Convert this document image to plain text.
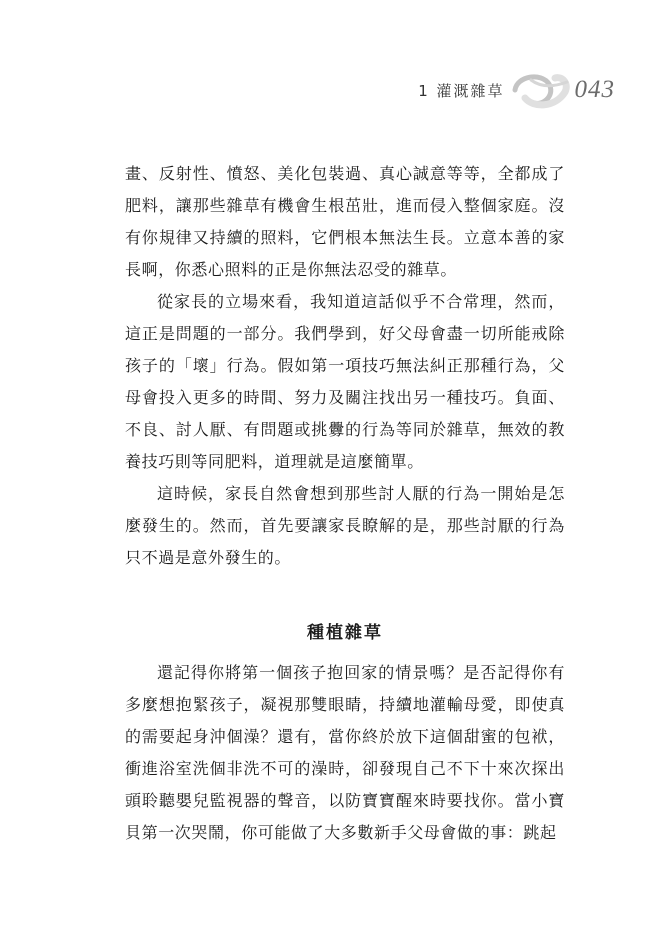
1 灌溉雜草	043

畫、反射性、憤怒、美化包裝過、真心誠意等等，全都成了肥料，讓那些雜草有機會生根茁壯，進而侵入整個家庭。沒有你規律又持續的照料，它們根本無法生長。立意本善的家長啊，你悉心照料的正是你無法忍受的雜草。

從家長的立場來看，我知道這話似乎不合常理，然而，這正是問題的一部分。我們學到，好父母會盡一切所能戒除孩子的「壞」行為。假如第一項技巧無法糾正那種行為，父母會投入更多的時間、努力及關注找出另一種技巧。負面、不良、討人厭、有問題或挑釁的行為等同於雜草，無效的教養技巧則等同肥料，道理就是這麼簡單。

這時候，家長自然會想到那些討人厭的行為一開始是怎麼發生的。然而，首先要讓家長瞭解的是，那些討厭的行為只不過是意外發生的。

種植雜草

還記得你將第一個孩子抱回家的情景嗎？是否記得你有多麼想抱緊孩子，凝視那雙眼睛，持續地灌輸母愛，即使真的需要起身沖個澡？還有，當你終於放下這個甜蜜的包袱，衝進浴室洗個非洗不可的澡時，卻發現自己不下十來次探出頭聆聽嬰兒監視器的聲音，以防寶寶醒來時要找你。當小寶貝第一次哭鬧，你可能做了大多數新手父母會做的事：跳起
